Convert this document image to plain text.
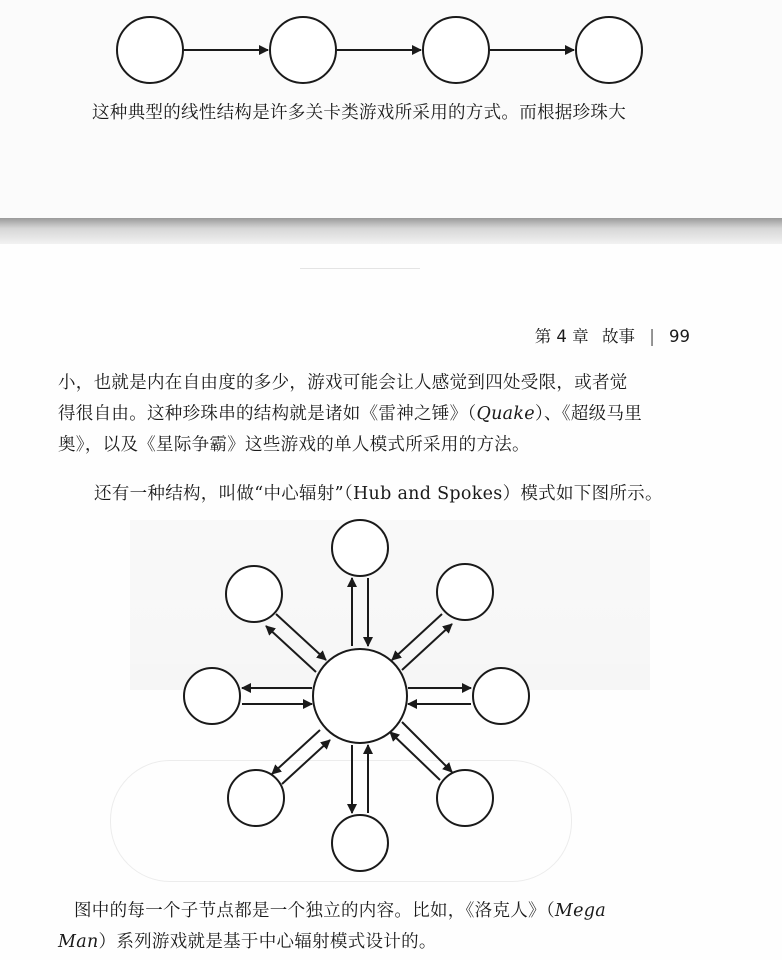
这种典型的线性结构是许多关卡类游戏所采用的方式。而根据珍珠大
第 4 章 故事 | 99

小，也就是内在自由度的多少，游戏可能会让人感觉到四处受限，或者觉

得很自由。这种珍珠串的结构就是诸如《雷神之锤》（Quake）、《超级马里

奥》，以及《星际争霸》这些游戏的单人模式所采用的方法。

还有一种结构，叫做“中心辐射”（Hub and Spokes）模式如下图所示。

图中的每一个子节点都是一个独立的内容。比如，《洛克人》（Mega

Man）系列游戏就是基于中心辐射模式设计的。
